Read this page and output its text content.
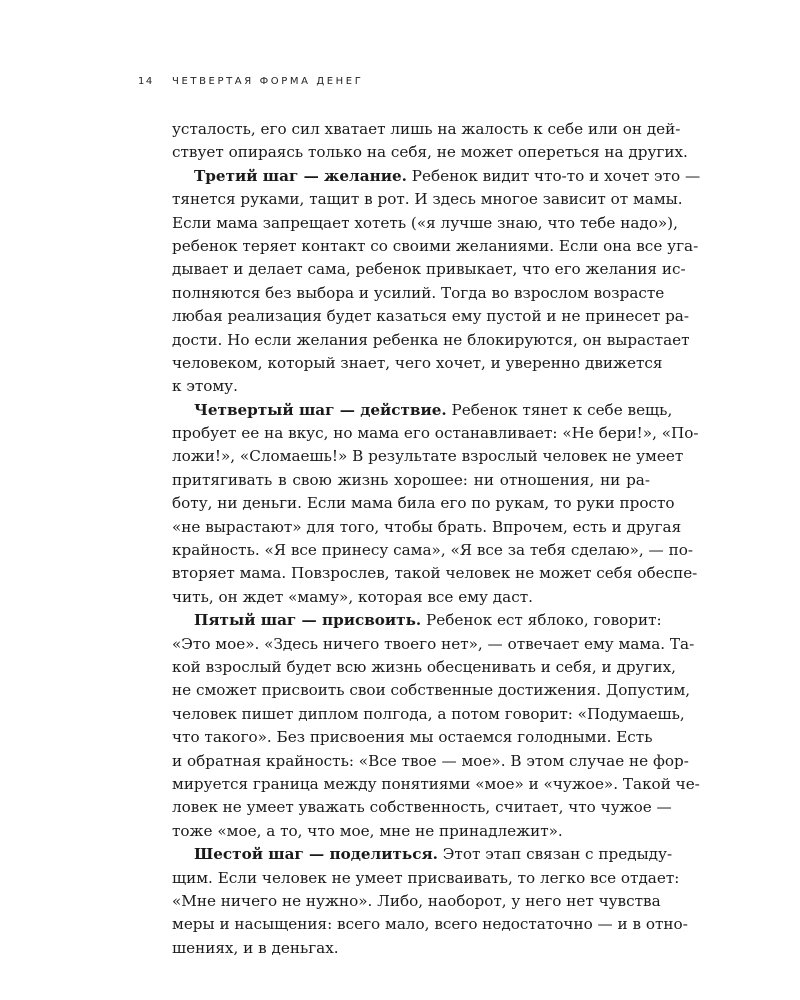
14 ЧЕТВЕРТАЯ ФОРМА ДЕНЕГ
усталость, его сил хватает лишь на жалость к себе или он дей-
ствует опираясь только на себя, не может опереться на других.
Третий шаг — желание. Ребенок видит что-то и хочет это —
тянется руками, тащит в рот. И здесь многое зависит от мамы.
Если мама запрещает хотеть («я лучше знаю, что тебе надо»),
ребенок теряет контакт со своими желаниями. Если она все уга-
дывает и делает сама, ребенок привыкает, что его желания ис-
полняются без выбора и усилий. Тогда во взрослом возрасте
любая реализация будет казаться ему пустой и не принесет ра-
дости. Но если желания ребенка не блокируются, он вырастает
человеком, который знает, чего хочет, и уверенно движется
к этому.
Четвертый шаг — действие. Ребенок тянет к себе вещь,
пробует ее на вкус, но мама его останавливает: «Не бери!», «По-
ложи!», «Сломаешь!» В результате взрослый человек не умеет
притягивать в свою жизнь хорошее: ни отношения, ни ра-
боту, ни деньги. Если мама била его по рукам, то руки просто
«не вырастают» для того, чтобы брать. Впрочем, есть и другая
крайность. «Я все принесу сама», «Я все за тебя сделаю», — по-
вторяет мама. Повзрослев, такой человек не может себя обеспе-
чить, он ждет «маму», которая все ему даст.
Пятый шаг — присвоить. Ребенок ест яблоко, говорит:
«Это мое». «Здесь ничего твоего нет», — отвечает ему мама. Та-
кой взрослый будет всю жизнь обесценивать и себя, и других,
не сможет присвоить свои собственные достижения. Допустим,
человек пишет диплом полгода, а потом говорит: «Подумаешь,
что такого». Без присвоения мы остаемся голодными. Есть
и обратная крайность: «Все твое — мое». В этом случае не фор-
мируется граница между понятиями «мое» и «чужое». Такой че-
ловек не умеет уважать собственность, считает, что чужое —
тоже «мое, а то, что мое, мне не принадлежит».
Шестой шаг — поделиться. Этот этап связан с предыду-
щим. Если человек не умеет присваивать, то легко все отдает:
«Мне ничего не нужно». Либо, наоборот, у него нет чувства
меры и насыщения: всего мало, всего недостаточно — и в отно-
шениях, и в деньгах.
